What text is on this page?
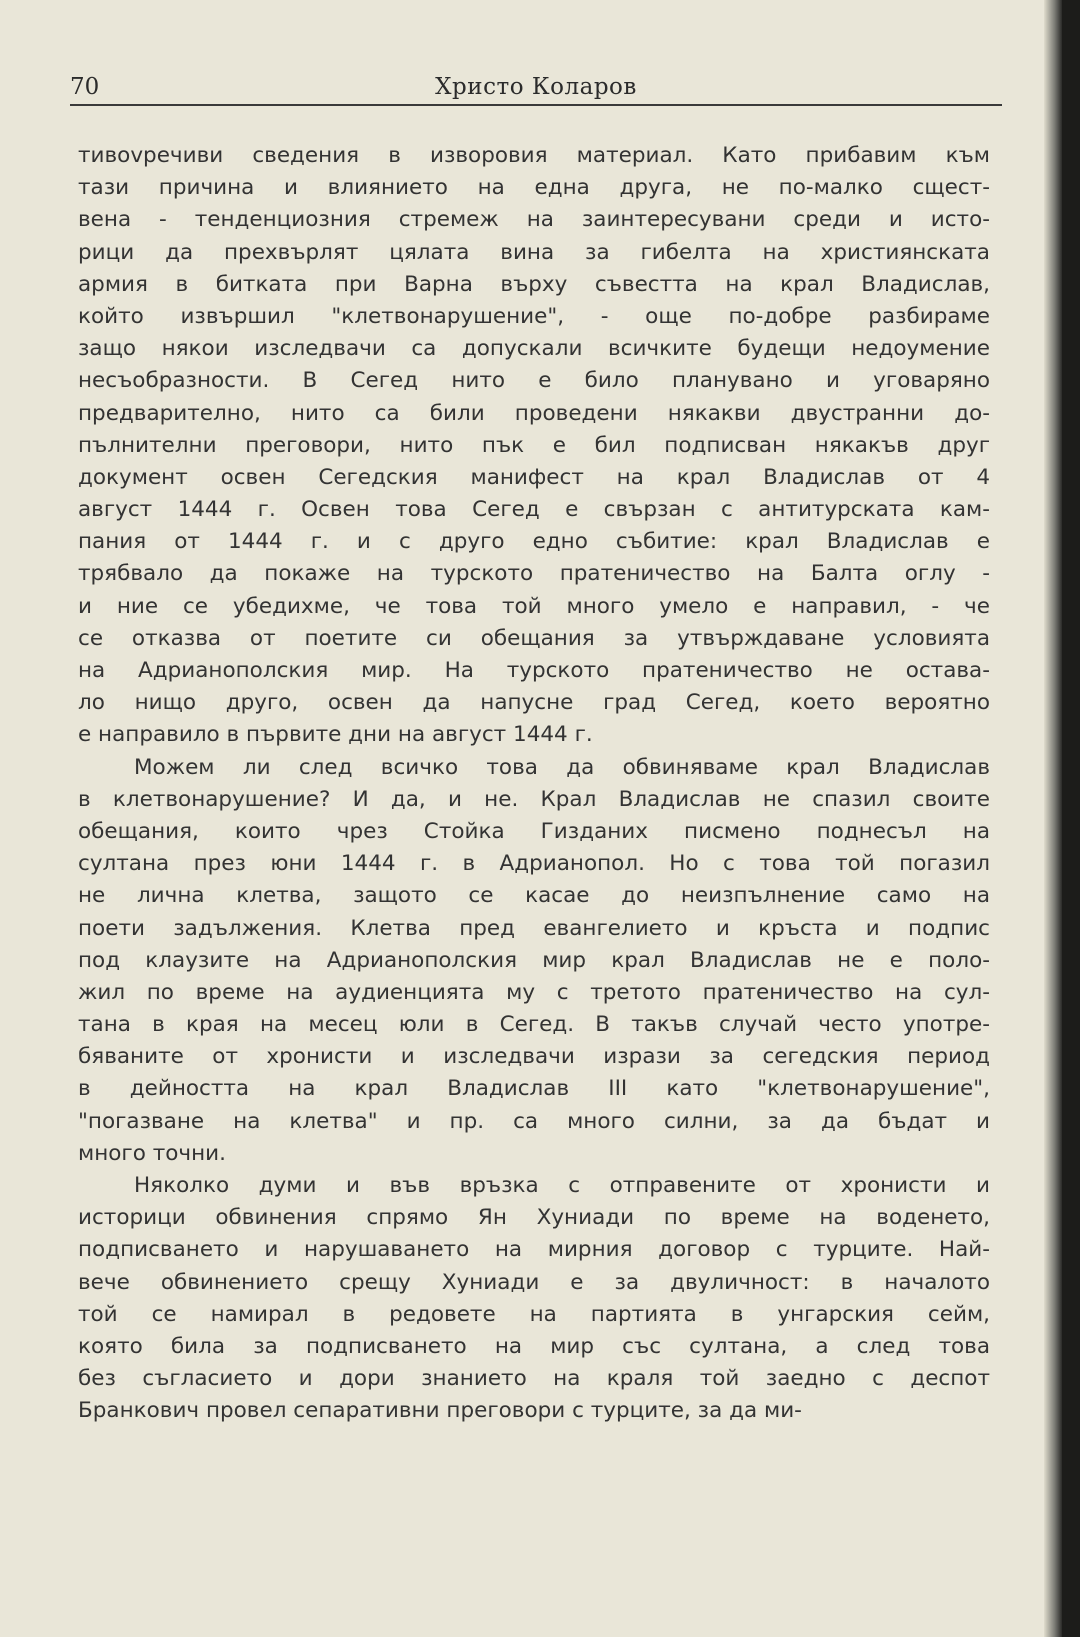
70	Христо Коларов
тивоvречиви сведения в изворовия материал. Като прибавим към
тази причина и влиянието на една друга, не по-малко сщест-
вена - тенденциозния стремеж на заинтересувани среди и исто-
рици да прехвърлят цялата вина за гибелта на християнската
армия в битката при Варна върху съвестта на крал Владислав,
който извършил "клетвонарушение", - още по-добре разбираме
защо някои изследвачи са допускали всичките будещи недоумение
несъобразности. В Сегед нито е било планувано и уговаряно
предварително, нито са били проведени някакви двустранни до-
пълнителни преговори, нито пък е бил подписван някакъв друг
документ освен Сегедския манифест на крал Владислав от 4
август 1444 г. Освен това Сегед е свързан с антитурската кам-
пания от 1444 г. и с друго едно събитие: крал Владислав е
трябвало да покаже на турското пратеничество на Балта оглу -
и ние се убедихме, че това той много умело е направил, - че
се отказва от поетите си обещания за утвърждаване условията
на Адрианополския мир. На турското пратеничество не остава-
ло нищо друго, освен да напусне град Сегед, което вероятно
е направило в първите дни на август 1444 г.
Можем ли след всичко това да обвиняваме крал Владислав
в клетвонарушение? И да, и не. Крал Владислав не спазил своите
обещания, които чрез Стойка Гизданих писмено поднесъл на
султана през юни 1444 г. в Адрианопол. Но с това той погазил
не лична клетва, защото се касае до неизпълнение само на
поети задължения. Клетва пред евангелието и кръста и подпис
под клаузите на Адрианополския мир крал Владислав не е поло-
жил по време на аудиенцията му с третото пратеничество на сул-
тана в края на месец юли в Сегед. В такъв случай често употре-
бяваните от хронисти и изследвачи изрази за сегедския период
в дейността на крал Владислав III като "клетвонарушение",
"погазване на клетва" и пр. са много силни, за да бъдат и
много точни.
Няколко думи и във връзка с отправените от хронисти и
историци обвинения спрямо Ян Хуниади по време на воденето,
подписването и нарушаването на мирния договор с турците. Най-
вече обвинението срещу Хуниади е за двуличност: в началото
той се намирал в редовете на партията в унгарския сейм,
която била за подписването на мир със султана, а след това
без съгласието и дори знанието на краля той заедно с деспот
Бранкович провел сепаративни преговори с турците, за да ми-
